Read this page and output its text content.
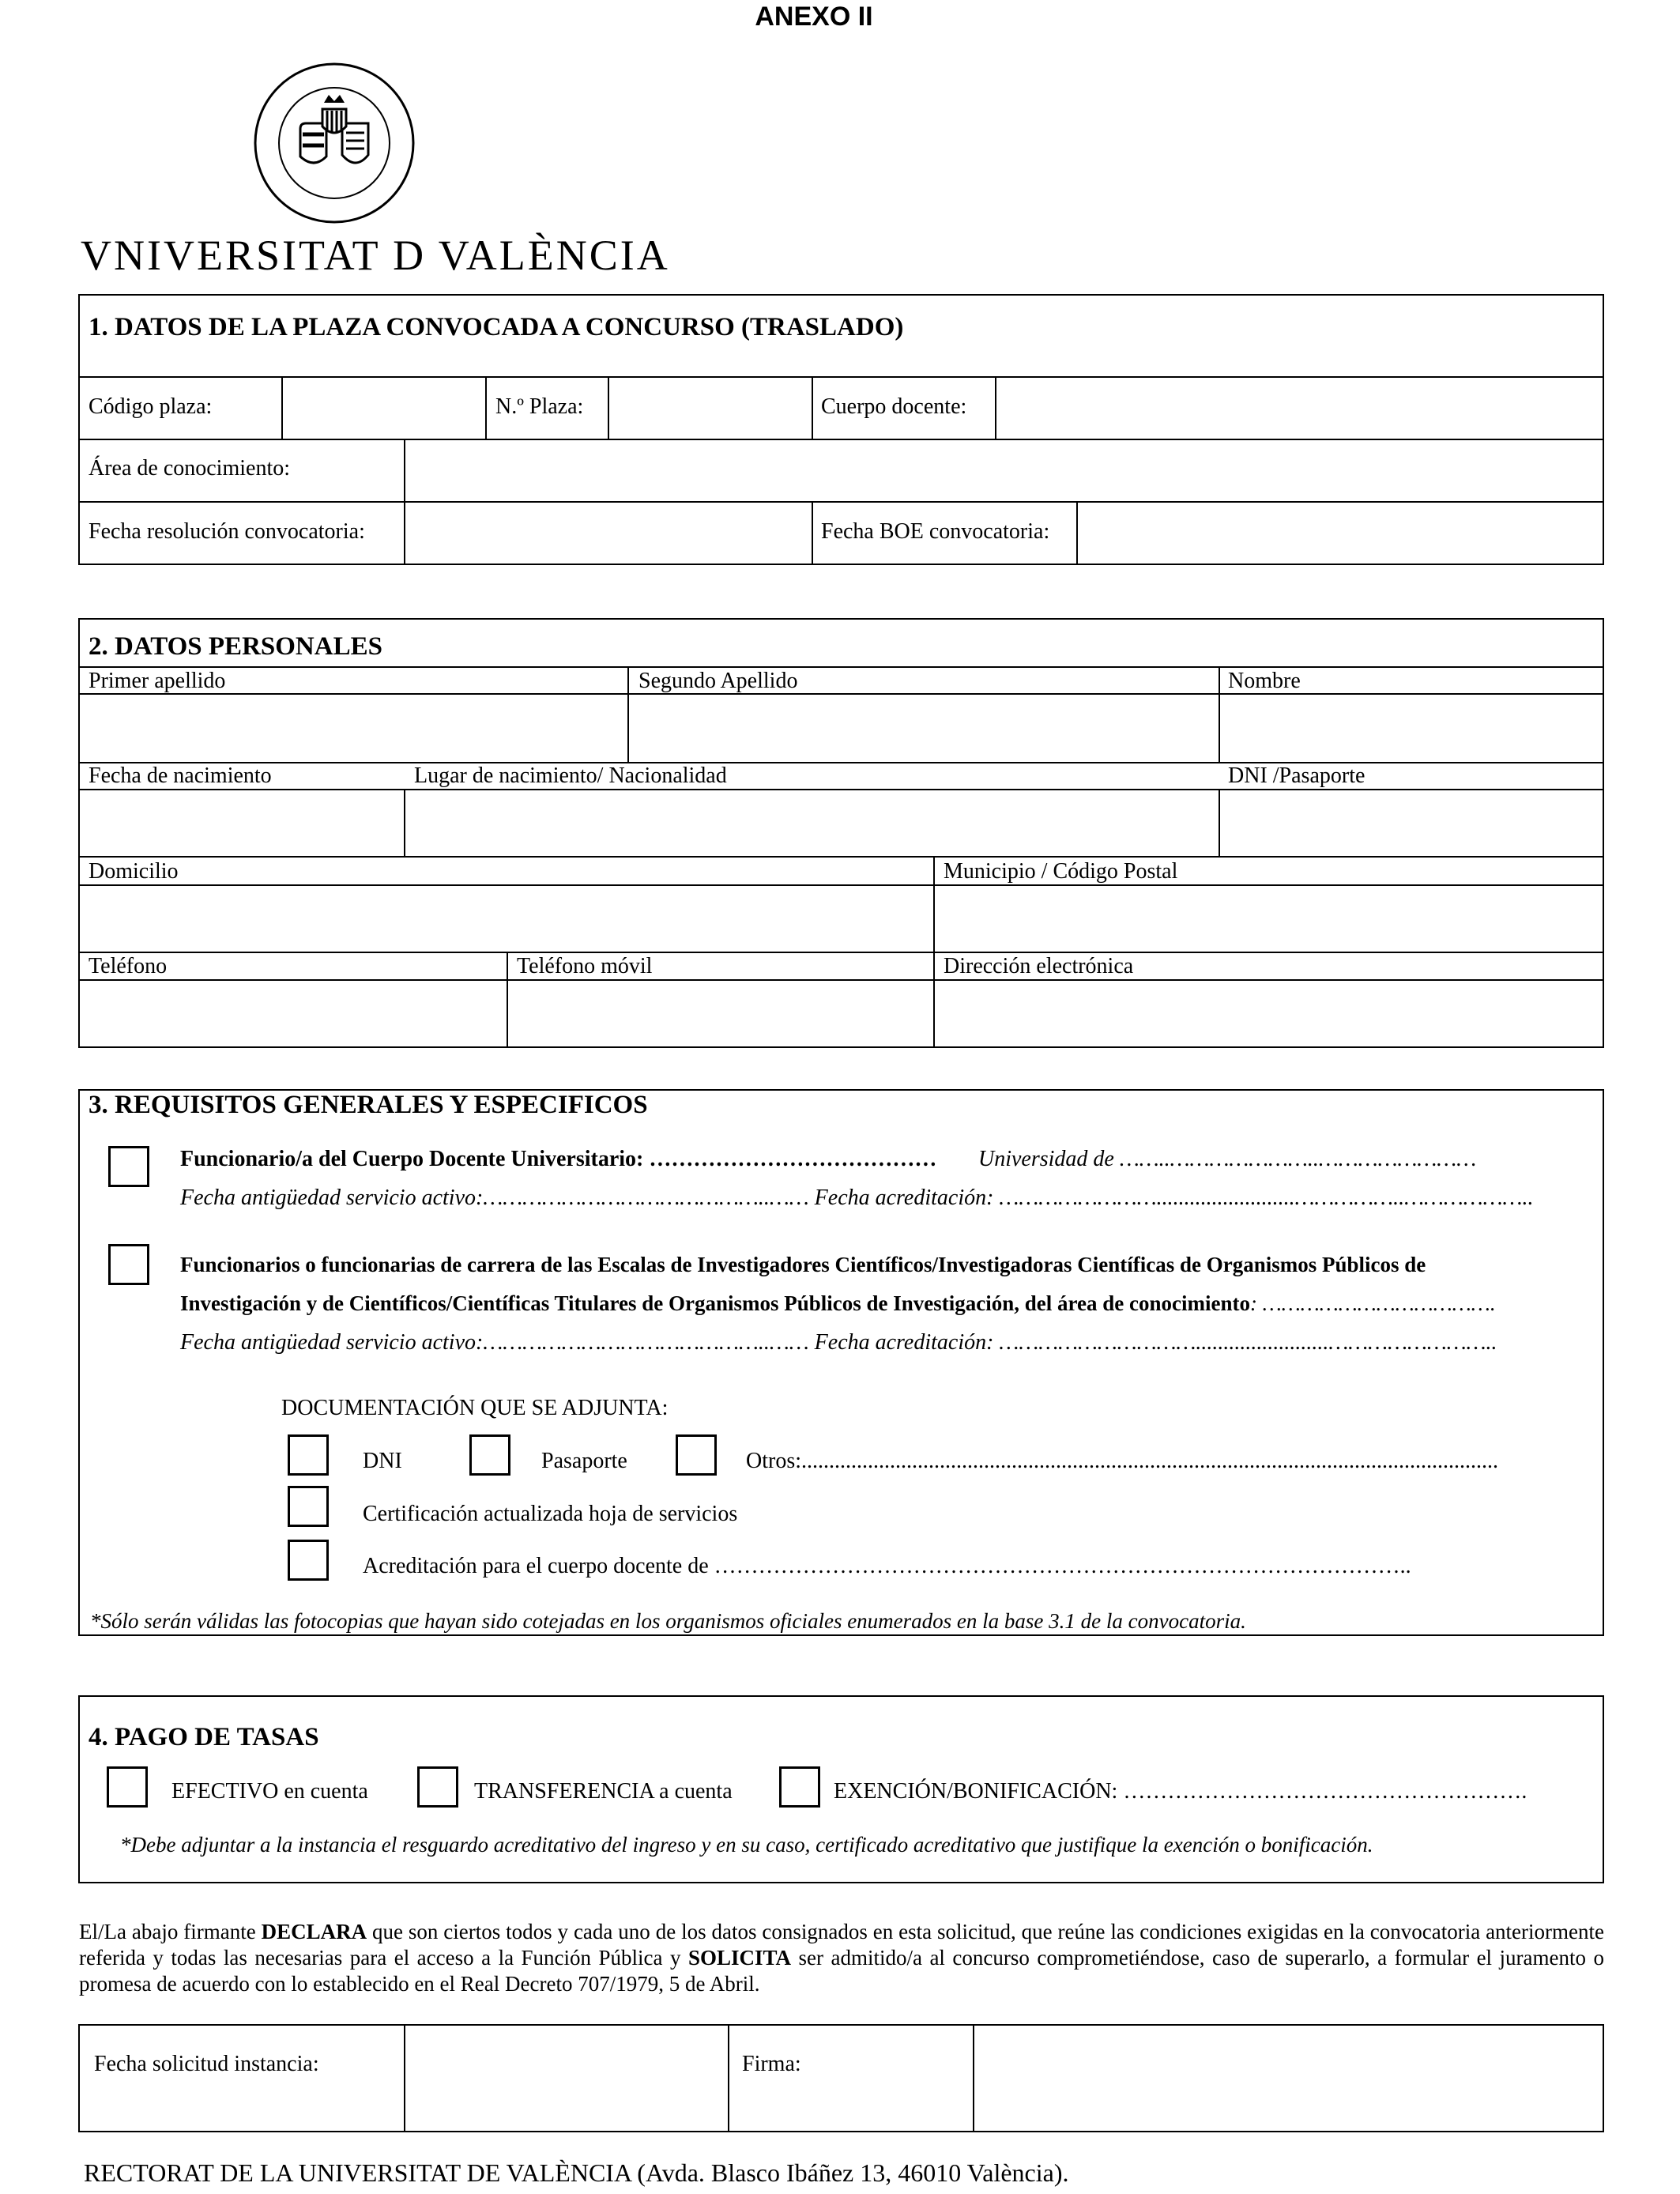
ANEXO II
VNIVERSITAT D VALÈNCIA
1. DATOS DE LA PLAZA CONVOCADA A CONCURSO (TRASLADO)
Código plaza:	N.º Plaza:	Cuerpo docente:
Área de conocimiento:
Fecha resolución convocatoria:	Fecha BOE convocatoria:
2. DATOS PERSONALES
Primer apellido	Segundo Apellido	Nombre
Fecha de nacimiento	Lugar de nacimiento/ Nacionalidad	DNI /Pasaporte
Domicilio	Municipio / Código Postal
Teléfono	Teléfono móvil	Dirección electrónica
3. REQUISITOS GENERALES Y ESPECIFICOS
Funcionario/a del Cuerpo Docente Universitario: ………………………………… Universidad de ……..…………………..……………………
Fecha antigüedad servicio activo:……………………………………..…… Fecha acreditación: …………………….........................……………..………………..
Funcionarios o funcionarias de carrera de las Escalas de Investigadores Científicos/Investigadoras Científicas de Organismos Públicos de
Investigación y de Científicos/Científicas Titulares de Organismos Públicos de Investigación, del área de conocimiento: ……………………………….
Fecha antigüedad servicio activo:……………………………………..…… Fecha acreditación: …………………………........................……………………..
DOCUMENTACIÓN QUE SE ADJUNTA:
DNI	Pasaporte	Otros:..............................................................................................................................
Certificación actualizada hoja de servicios
Acreditación para el cuerpo docente de …………………………………………………………………………………..
*Sólo serán válidas las fotocopias que hayan sido cotejadas en los organismos oficiales enumerados en la base 3.1 de la convocatoria.
4. PAGO DE TASAS
EFECTIVO en cuenta	TRANSFERENCIA a cuenta	EXENCIÓN/BONIFICACIÓN: ……………………………………………….
*Debe adjuntar a la instancia el resguardo acreditativo del ingreso y en su caso, certificado acreditativo que justifique la exención o bonificación.
El/La abajo firmante DECLARA que son ciertos todos y cada uno de los datos consignados en esta solicitud, que reúne las condiciones exigidas en la convocatoria anteriormente referida y todas las necesarias para el acceso a la Función Pública y SOLICITA ser admitido/a al concurso comprometiéndose, caso de superarlo, a formular el juramento o promesa de acuerdo con lo establecido en el Real Decreto 707/1979, 5 de Abril.
Fecha solicitud instancia:	Firma:
RECTORAT DE LA UNIVERSITAT DE VALÈNCIA (Avda. Blasco Ibáñez 13, 46010 València).
